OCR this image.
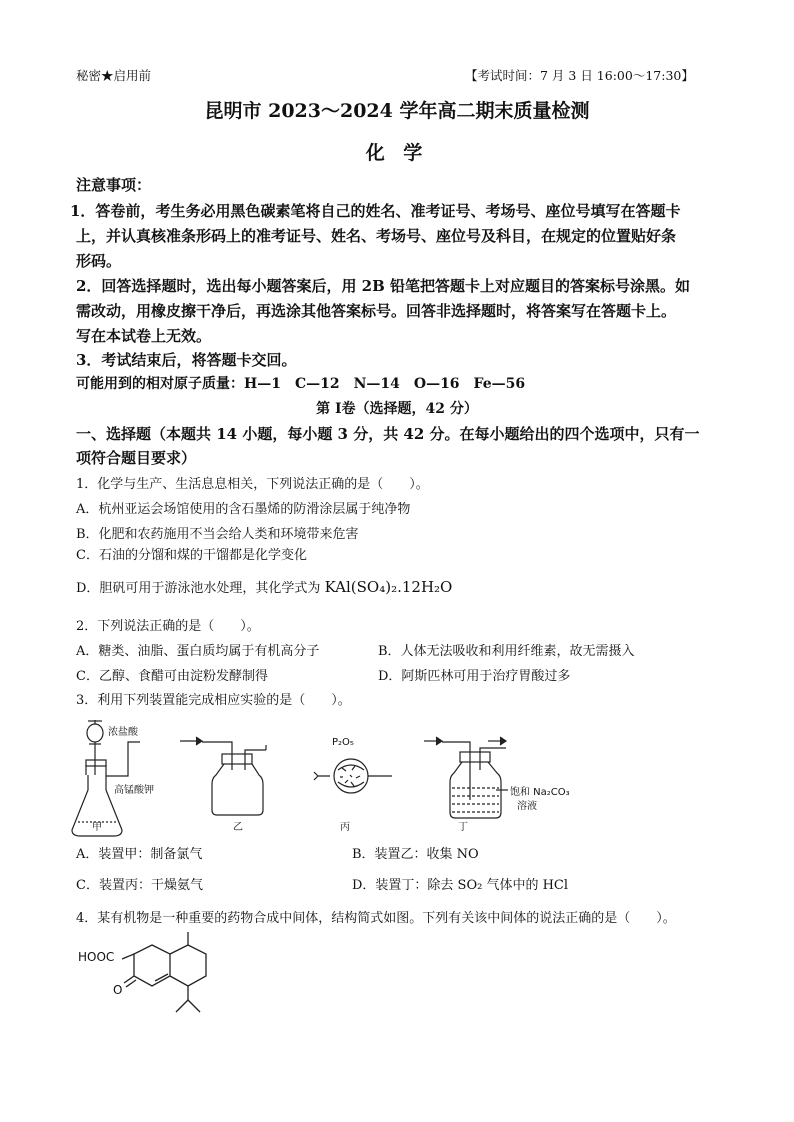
秘密★启用前	【考试时间：7 月 3 日 16:00～17:30】
昆明市 2023～2024 学年高二期末质量检测
化 学
注意事项：
1．答卷前，考生务必用黑色碳素笔将自己的姓名、准考证号、考场号、座位号填写在答题卡
上，并认真核准条形码上的准考证号、姓名、考场号、座位号及科目，在规定的位置贴好条
形码。
2．回答选择题时，选出每小题答案后，用 2B 铅笔把答题卡上对应题目的答案标号涂黑。如
需改动，用橡皮擦干净后，再选涂其他答案标号。回答非选择题时，将答案写在答题卡上。
写在本试卷上无效。
3．考试结束后，将答题卡交回。
可能用到的相对原子质量：H—1　C—12　N—14　O—16　Fe—56
第 Ⅰ卷（选择题，42 分）
一、选择题（本题共 14 小题，每小题 3 分，共 42 分。在每小题给出的四个选项中，只有一
项符合题目要求）
1．化学与生产、生活息息相关，下列说法正确的是（　　）。
A．杭州亚运会场馆使用的含石墨烯的防滑涂层属于纯净物
B．化肥和农药施用不当会给人类和环境带来危害
C．石油的分馏和煤的干馏都是化学变化
D．胆矾可用于游泳池水处理，其化学式为 KAl(SO₄)₂.12H₂O
2．下列说法正确的是（　　）。
A．糖类、油脂、蛋白质均属于有机高分子	B．人体无法吸收和利用纤维素，故无需摄入
C．乙醇、食醋可由淀粉发酵制得	D．阿斯匹林可用于治疗胃酸过多
3．利用下列装置能完成相应实验的是（　　）。
浓盐酸
高锰酸钾
P₂O₅
饱和 Na₂CO₃
溶液
甲	乙	丙	丁
A．装置甲：制备氯气	B．装置乙：收集 NO
C．装置丙：干燥氨气	D．装置丁：除去 SO₂ 气体中的 HCl
4．某有机物是一种重要的药物合成中间体，结构简式如图。下列有关该中间体的说法正确的是（　　）。
HOOC
O
